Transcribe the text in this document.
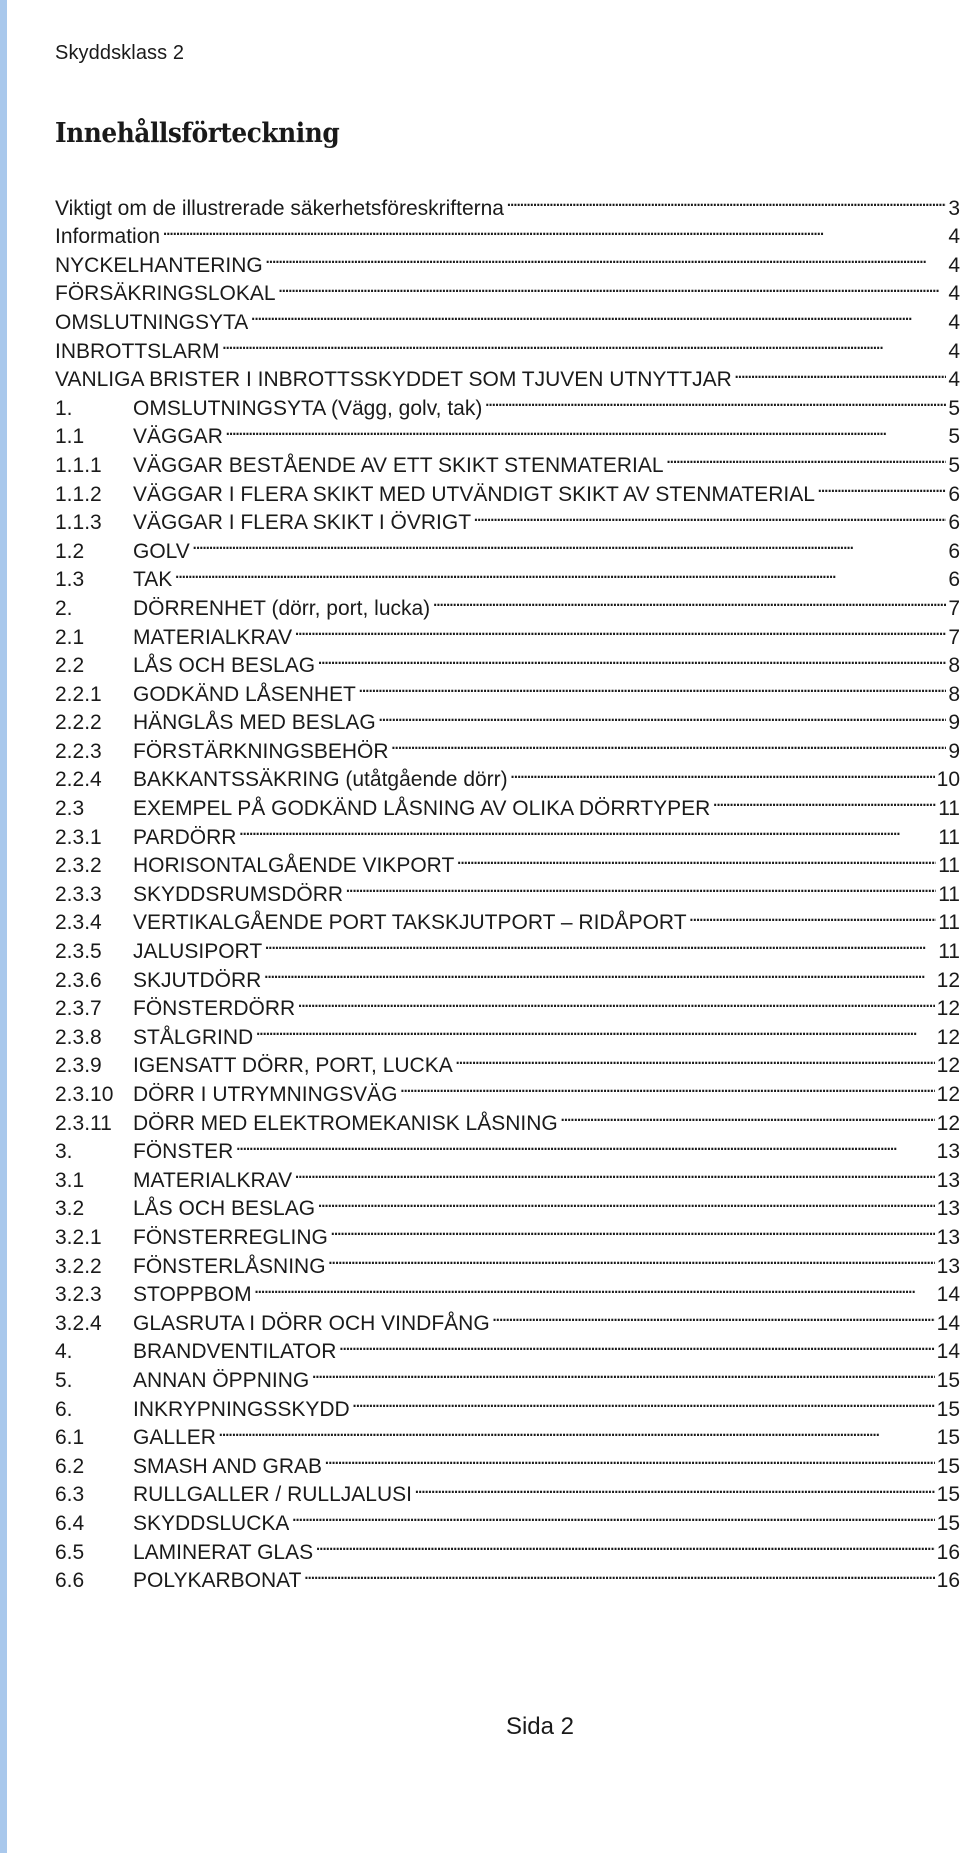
Skyddsklass 2
Innehållsförteckning
Viktigt om de illustrerade säkerhetsföreskrifterna . . .	3
Information . . .	4
NYCKELHANTERING . . .	4
FÖRSÄKRINGSLOKAL . . .	4
OMSLUTNINGSYTA . . .	4
INBROTTSLARM . . .	4
VANLIGA BRISTER I INBROTTSSKYDDET SOM TJUVEN UTNYTTJAR . . .	4
1.	OMSLUTNINGSYTA (Vägg, golv, tak) . . .	5
1.1	VÄGGAR . . .	5
1.1.1	VÄGGAR BESTÅENDE AV ETT SKIKT STENMATERIAL . . .	5
1.1.2	VÄGGAR I FLERA SKIKT MED UTVÄNDIGT SKIKT AV STENMATERIAL . . .	6
1.1.3	VÄGGAR I FLERA SKIKT I ÖVRIGT . . .	6
1.2	GOLV . . .	6
1.3	TAK . . .	6
2.	DÖRRENHET (dörr, port, lucka) . . .	7
2.1	MATERIALKRAV . . .	7
2.2	LÅS OCH BESLAG . . .	8
2.2.1	GODKÄND LÅSENHET . . .	8
2.2.2	HÄNGLÅS MED BESLAG . . .	9
2.2.3	FÖRSTÄRKNINGSBEHÖR . . .	9
2.2.4	BAKKANTSSÄKRING (utåtgående dörr) . . .	10
2.3	EXEMPEL PÅ GODKÄND LÅSNING AV OLIKA DÖRRTYPER . . .	11
2.3.1	PARDÖRR . . .	11
2.3.2	HORISONTALGÅENDE VIKPORT . . .	11
2.3.3	SKYDDSRUMSDÖRR . . .	11
2.3.4	VERTIKALGÅENDE PORT TAKSKJUTPORT – RIDÅPORT . . .	11
2.3.5	JALUSIPORT . . .	11
2.3.6	SKJUTDÖRR . . .	12
2.3.7	FÖNSTERDÖRR . . .	12
2.3.8	STÅLGRIND . . .	12
2.3.9	IGENSATT DÖRR, PORT, LUCKA . . .	12
2.3.10 DÖRR I UTRYMNINGSVÄG . . .	12
2.3.11	DÖRR MED ELEKTROMEKANISK LÅSNING . . .	12
3.	FÖNSTER . . .	13
3.1	MATERIALKRAV . . .	13
3.2	LÅS OCH BESLAG . . .	13
3.2.1	FÖNSTERREGLING . . .	13
3.2.2	FÖNSTERLÅSNING . . .	13
3.2.3	STOPPBOM . . .	14
3.2.4	GLASRUTA I DÖRR OCH VINDFÅNG . . .	14
4.	BRANDVENTILATOR . . .	14
5.	ANNAN ÖPPNING . . .	15
6.	INKRYPNINGSSKYDD . . .	15
6.1	GALLER . . .	15
6.2	SMASH AND GRAB . . .	15
6.3	RULLGALLER / RULLJALUSI . . .	15
6.4	SKYDDSLUCKA . . .	15
6.5	LAMINERAT GLAS . . .	16
6.6	POLYKARBONAT . . .	16
Sida 2
